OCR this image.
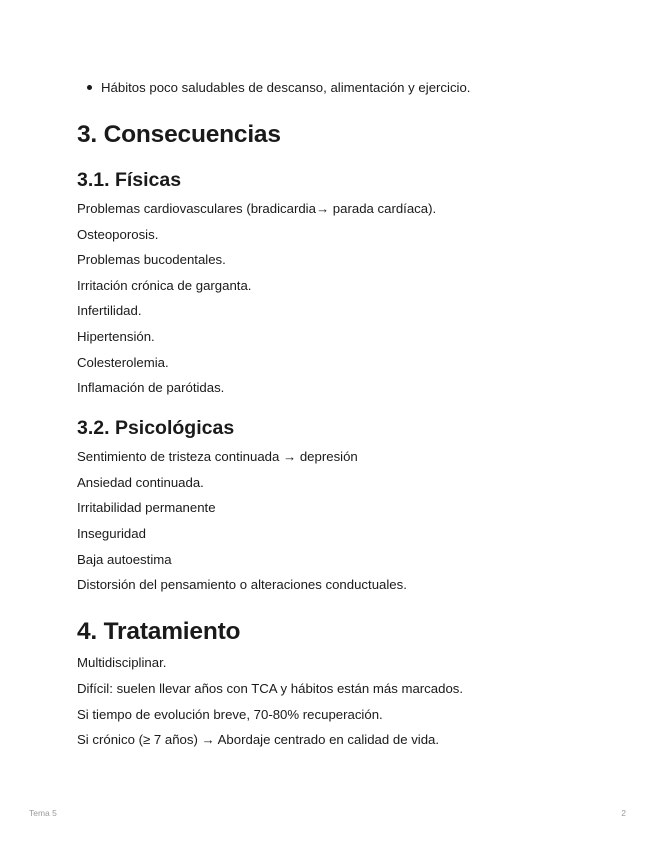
Hábitos poco saludables de descanso, alimentación y ejercicio.
3. Consecuencias
3.1. Físicas
Problemas cardiovasculares (bradicardia→ parada cardíaca).
Osteoporosis.
Problemas bucodentales.
Irritación crónica de garganta.
Infertilidad.
Hipertensión.
Colesterolemia.
Inflamación de parótidas.
3.2. Psicológicas
Sentimiento de tristeza continuada → depresión
Ansiedad continuada.
Irritabilidad permanente
Inseguridad
Baja autoestima
Distorsión del pensamiento o alteraciones conductuales.
4. Tratamiento
Multidisciplinar.
Difícil: suelen llevar años con TCA y hábitos están más marcados.
Si tiempo de evolución breve, 70-80% recuperación.
Si crónico (≥ 7 años) → Abordaje centrado en calidad de vida.
Tema 5	2
